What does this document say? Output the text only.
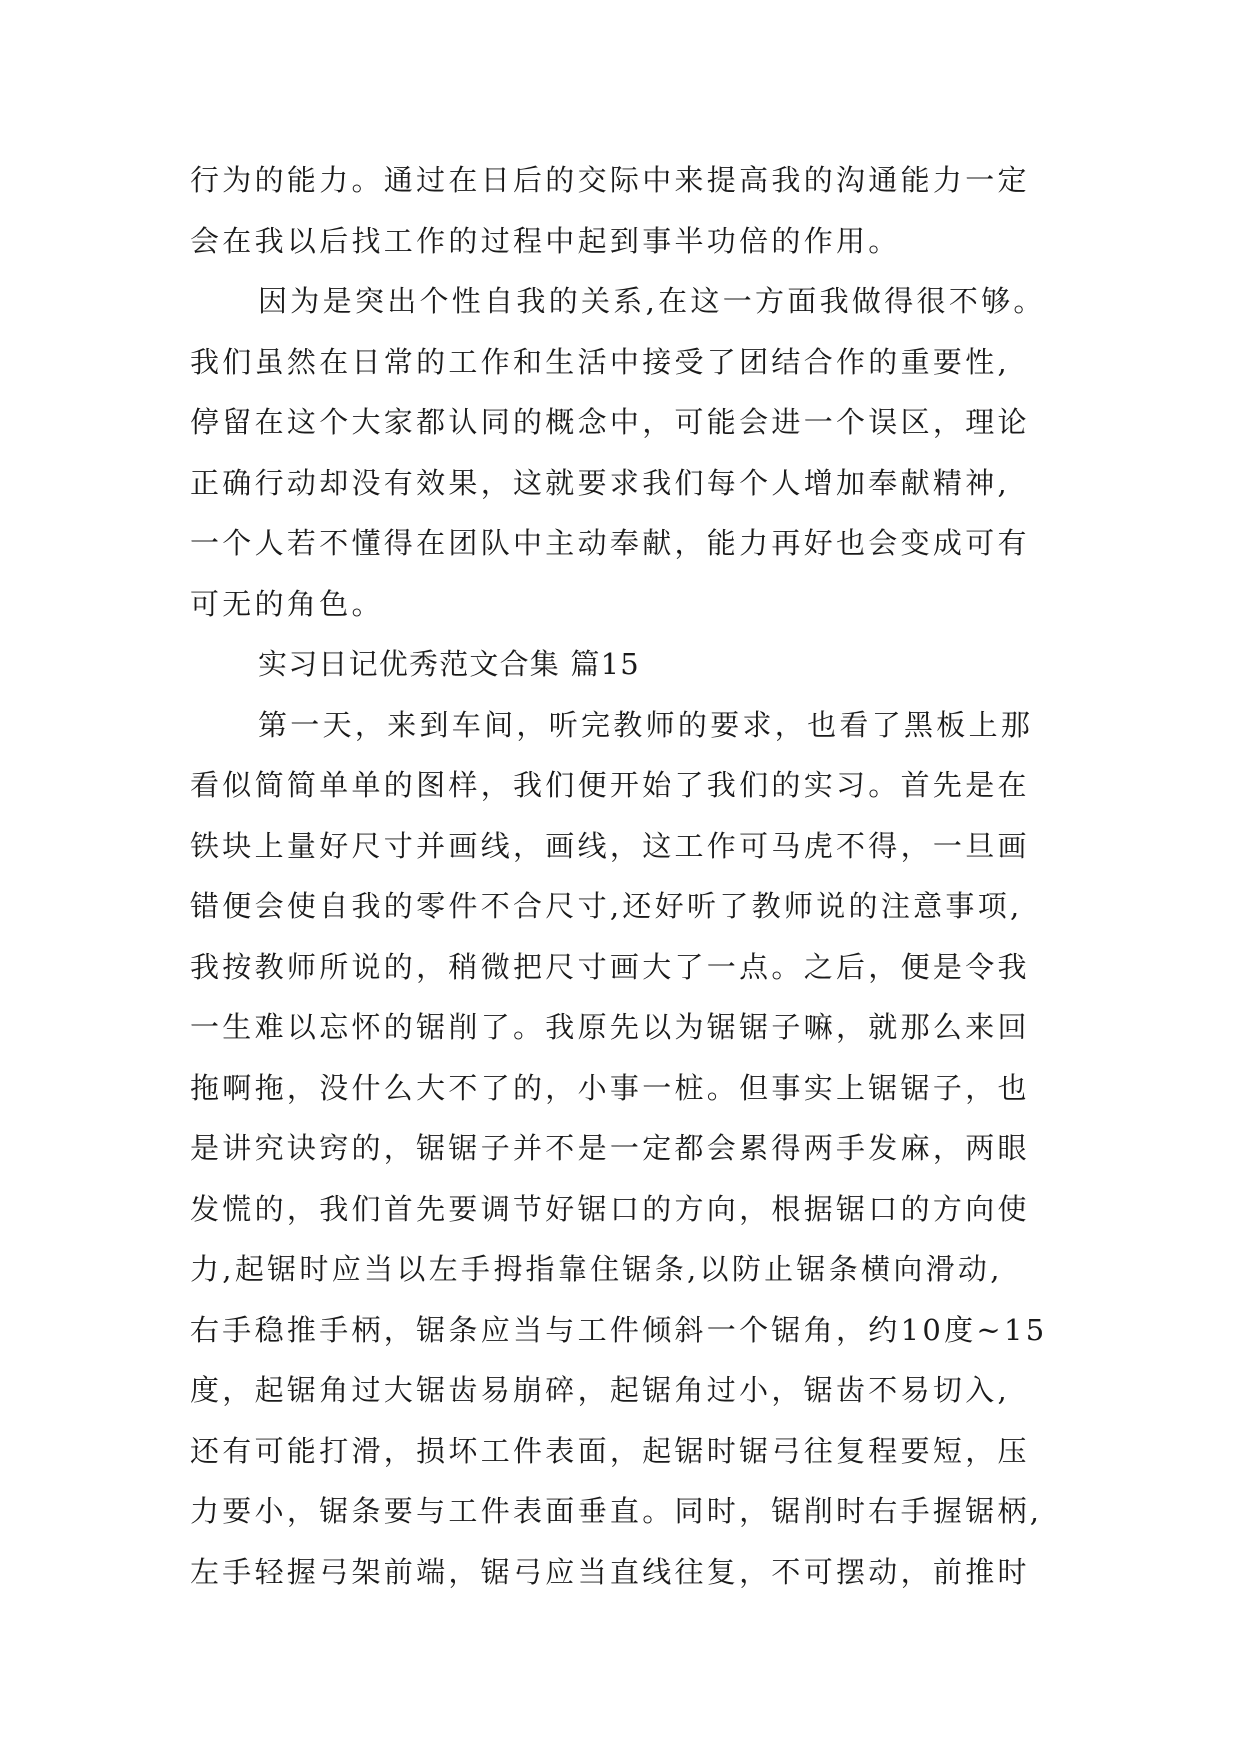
行为的能力。通过在日后的交际中来提高我的沟通能力一定
会在我以后找工作的过程中起到事半功倍的作用。
因为是突出个性自我的关系,在这一方面我做得很不够。
我们虽然在日常的工作和生活中接受了团结合作的重要性,
停留在这个大家都认同的概念中，可能会进一个误区，理论
正确行动却没有效果，这就要求我们每个人增加奉献精神,
一个人若不懂得在团队中主动奉献，能力再好也会变成可有
可无的角色。
实习日记优秀范文合集 篇15
第一天，来到车间，听完教师的要求，也看了黑板上那
看似简简单单的图样，我们便开始了我们的实习。首先是在
铁块上量好尺寸并画线，画线，这工作可马虎不得，一旦画
错便会使自我的零件不合尺寸,还好听了教师说的注意事项,
我按教师所说的，稍微把尺寸画大了一点。之后，便是令我
一生难以忘怀的锯削了。我原先以为锯锯子嘛，就那么来回
拖啊拖，没什么大不了的，小事一桩。但事实上锯锯子，也
是讲究诀窍的，锯锯子并不是一定都会累得两手发麻，两眼
发慌的，我们首先要调节好锯口的方向，根据锯口的方向使
力,起锯时应当以左手拇指靠住锯条,以防止锯条横向滑动,
右手稳推手柄，锯条应当与工件倾斜一个锯角，约10度~15
度，起锯角过大锯齿易崩碎，起锯角过小，锯齿不易切入,
还有可能打滑，损坏工件表面，起锯时锯弓往复程要短，压
力要小，锯条要与工件表面垂直。同时，锯削时右手握锯柄,
左手轻握弓架前端，锯弓应当直线往复，不可摆动，前推时
